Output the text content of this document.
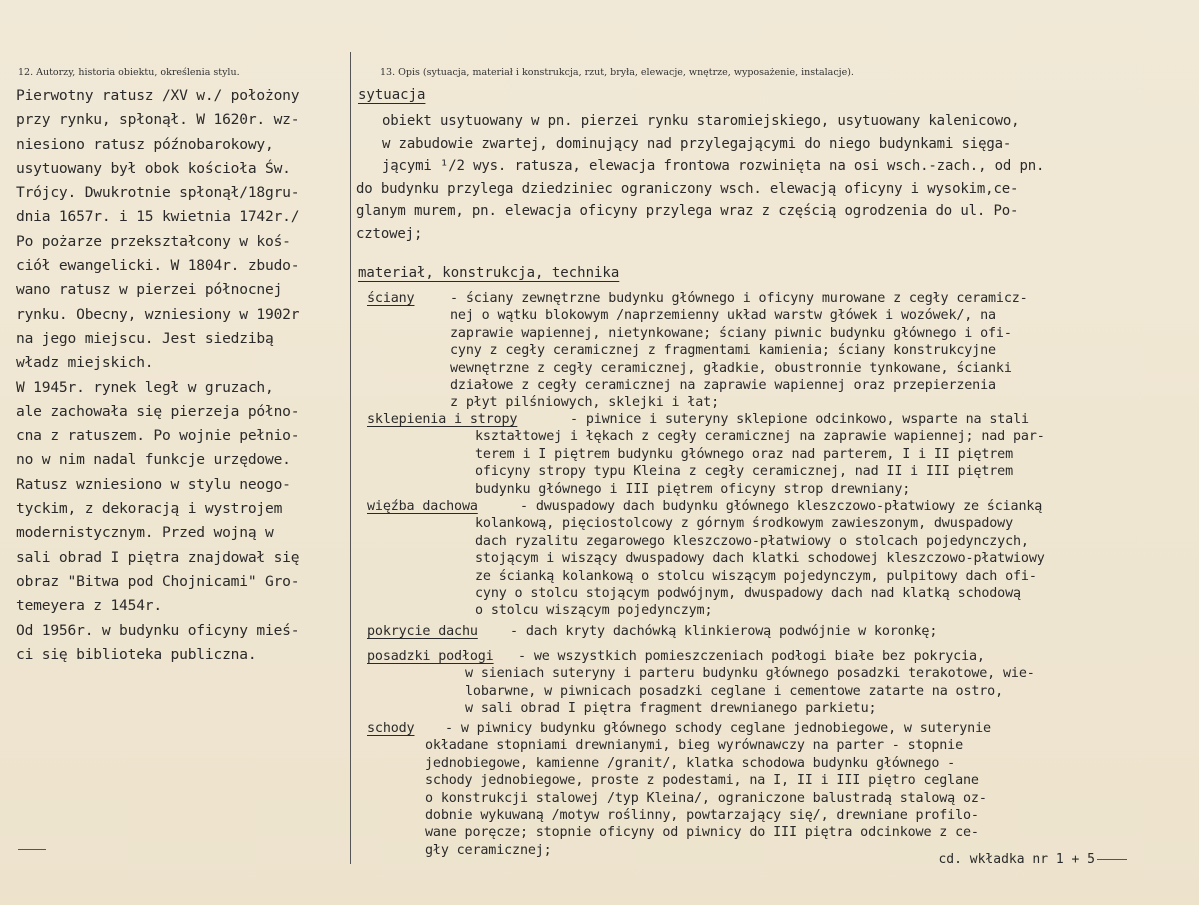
12. Autorzy, historia obiektu, określenia stylu.

Pierwotny ratusz /XV w./ położony

przy rynku, spłonął. W 1620r. wz-

niesiono ratusz późnobarokowy,

usytuowany był obok kościoła Św.

Trójcy. Dwukrotnie spłonął/18gru-

dnia 1657r. i 15 kwietnia 1742r./

Po pożarze przekształcony w koś-

ciół ewangelicki. W 1804r. zbudo-

wano ratusz w pierzei północnej

rynku. Obecny, wzniesiony w 1902r

na jego miejscu. Jest siedzibą

władz miejskich.

W 1945r. rynek legł w gruzach,

ale zachowała się pierzeja półno-

cna z ratuszem. Po wojnie pełnio-

no w nim nadal funkcje urzędowe.

Ratusz wzniesiono w stylu neogo-

tyckim, z dekoracją i wystrojem

modernistycznym. Przed wojną w

sali obrad I piętra znajdował się

obraz "Bitwa pod Chojnicami" Gro-

temeyera z 1454r.

Od 1956r. w budynku oficyny mieś-

ci się biblioteka publiczna.

13. Opis (sytuacja, materiał i konstrukcja, rzut, bryła, elewacje, wnętrze, wyposażenie, instalacje).
sytuacja

obiekt usytuowany w pn. pierzei rynku staromiejskiego, usytuowany kalenicowo,

w zabudowie zwartej, dominujący nad przylegającymi do niego budynkami sięga-

jącymi ¹/2 wys. ratusza, elewacja frontowa rozwinięta na osi wsch.-zach., od pn.

do budynku przylega dziedziniec ograniczony wsch. elewacją oficyny i wysokim,ce-

glanym murem, pn. elewacja oficyny przylega wraz z częścią ogrodzenia do ul. Po-

cztowej;

materiał, konstrukcja, technika
ściany	- ściany zewnętrzne budynku głównego i oficyny murowane z cegły ceramicz-

nej o wątku blokowym /naprzemienny układ warstw główek i wozówek/, na

zaprawie wapiennej, nietynkowane; ściany piwnic budynku głównego i ofi-

cyny z cegły ceramicznej z fragmentami kamienia; ściany konstrukcyjne

wewnętrzne z cegły ceramicznej, gładkie, obustronnie tynkowane, ścianki

działowe z cegły ceramicznej na zaprawie wapiennej oraz przepierzenia

z płyt pilśniowych, sklejki i łat;

sklepienia i stropy	- piwnice i suteryny sklepione odcinkowo, wsparte na stali

kształtowej i łękach z cegły ceramicznej na zaprawie wapiennej; nad par-

terem i I piętrem budynku głównego oraz nad parterem, I i II piętrem

oficyny stropy typu Kleina z cegły ceramicznej, nad II i III piętrem

budynku głównego i III piętrem oficyny strop drewniany;

więźba dachowa	- dwuspadowy dach budynku głównego kleszczowo-płatwiowy ze ścianką

kolankową, pięciostolcowy z górnym środkowym zawieszonym, dwuspadowy

dach ryzalitu zegarowego kleszczowo-płatwiowy o stolcach pojedynczych,

stojącym i wiszący dwuspadowy dach klatki schodowej kleszczowo-płatwiowy

ze ścianką kolankową o stolcu wiszącym pojedynczym, pulpitowy dach ofi-

cyny o stolcu stojącym podwójnym, dwuspadowy dach nad klatką schodową

o stolcu wiszącym pojedynczym;

pokrycie dachu - dach kryty dachówką klinkierową podwójnie w koronkę;

posadzki podłogi - we wszystkich pomieszczeniach podłogi białe bez pokrycia,

w sieniach suteryny i parteru budynku głównego posadzki terakotowe, wie-

lobarwne, w piwnicach posadzki ceglane i cementowe zatarte na ostro,

w sali obrad I piętra fragment drewnianego parkietu;

schody - w piwnicy budynku głównego schody ceglane jednobiegowe, w suterynie

okładane stopniami drewnianymi, bieg wyrównawczy na parter - stopnie

jednobiegowe, kamienne /granit/, klatka schodowa budynku głównego -

schody jednobiegowe, proste z podestami, na I, II i III piętro ceglane

o konstrukcji stalowej /typ Kleina/, ograniczone balustradą stalową oz-

dobnie wykuwaną /motyw roślinny, powtarzający się/, drewniane profilo-

wane poręcze; stopnie oficyny od piwnicy do III piętra odcinkowe z ce-

gły ceramicznej;

cd. wkładka nr 1 + 5
